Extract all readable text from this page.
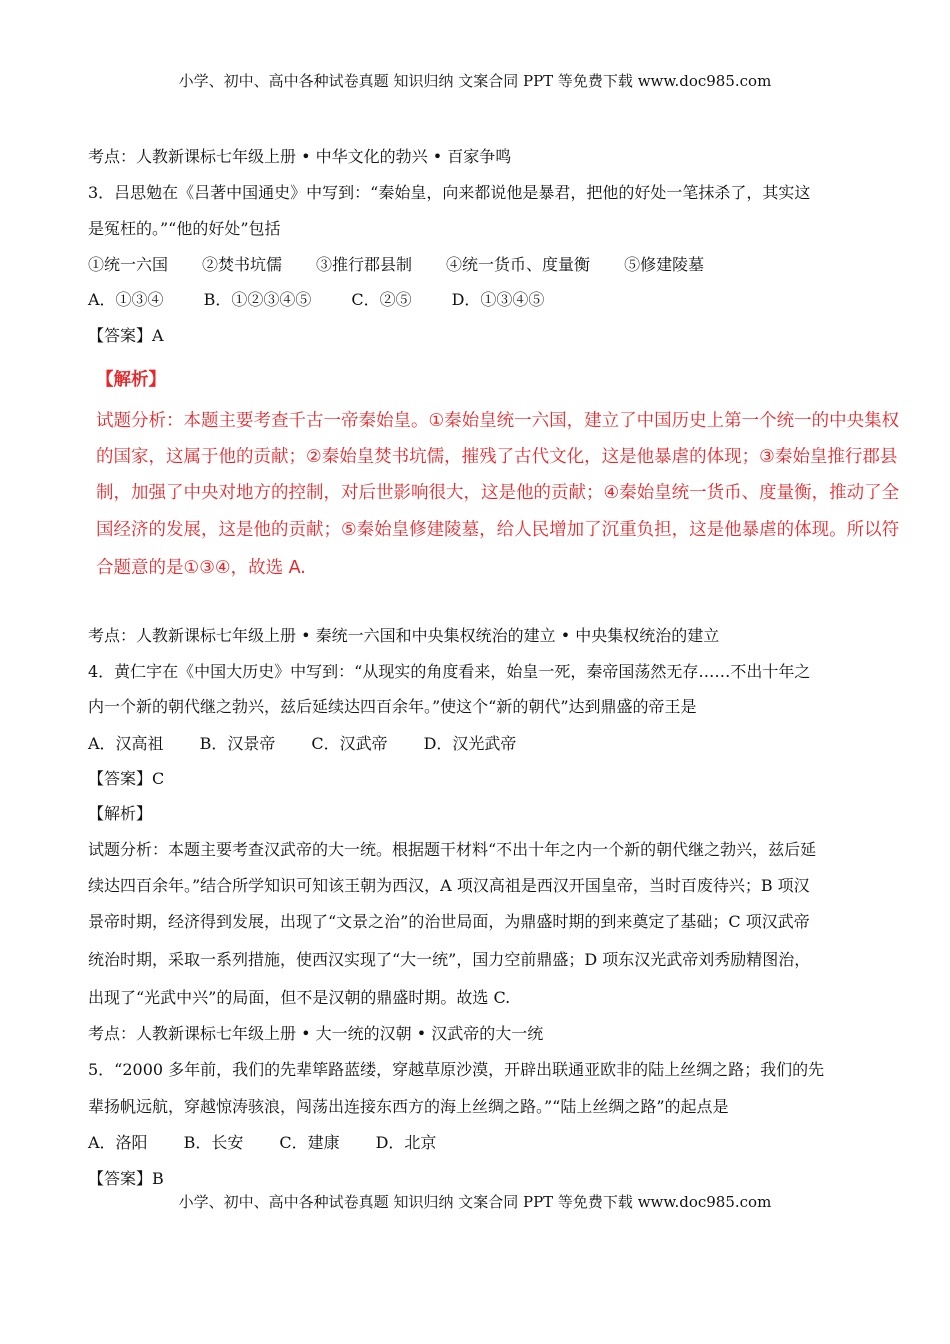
小学、初中、高中各种试卷真题 知识归纳 文案合同 PPT 等免费下载 www.doc985.com
考点：人教新课标七年级上册 • 中华文化的勃兴 • 百家争鸣
3．吕思勉在《吕著中国通史》中写到：“秦始皇，向来都说他是暴君，把他的好处一笔抹杀了，其实这
是冤枉的。”“他的好处”包括
①统一六国 ②焚书坑儒 ③推行郡县制 ④统一货币、度量衡 ⑤修建陵墓
A．①③④	B．①②③④⑤	C．②⑤	D．①③④⑤
【答案】A
【解析】
试题分析：本题主要考查千古一帝秦始皇。①秦始皇统一六国，建立了中国历史上第一个统一的中央集权
的国家，这属于他的贡献；②秦始皇焚书坑儒，摧残了古代文化，这是他暴虐的体现；③秦始皇推行郡县
制，加强了中央对地方的控制，对后世影响很大，这是他的贡献；④秦始皇统一货币、度量衡，推动了全
国经济的发展，这是他的贡献；⑤秦始皇修建陵墓，给人民增加了沉重负担，这是他暴虐的体现。所以符
合题意的是①③④，故选 A.
考点：人教新课标七年级上册 • 秦统一六国和中央集权统治的建立 • 中央集权统治的建立
4．黄仁宇在《中国大历史》中写到：“从现实的角度看来，始皇一死，秦帝国荡然无存……不出十年之
内一个新的朝代继之勃兴，兹后延续达四百余年。”使这个“新的朝代”达到鼎盛的帝王是
A．汉高祖 B．汉景帝 C．汉武帝 D．汉光武帝
【答案】C
【解析】
试题分析：本题主要考查汉武帝的大一统。根据题干材料“不出十年之内一个新的朝代继之勃兴，兹后延
续达四百余年。”结合所学知识可知该王朝为西汉，A 项汉高祖是西汉开国皇帝，当时百废待兴；B 项汉
景帝时期，经济得到发展，出现了“文景之治”的治世局面，为鼎盛时期的到来奠定了基础；C 项汉武帝
统治时期，采取一系列措施，使西汉实现了“大一统”，国力空前鼎盛；D 项东汉光武帝刘秀励精图治，
出现了“光武中兴”的局面，但不是汉朝的鼎盛时期。故选 C.
考点：人教新课标七年级上册 • 大一统的汉朝 • 汉武帝的大一统
5．“2000 多年前，我们的先辈筚路蓝缕，穿越草原沙漠，开辟出联通亚欧非的陆上丝绸之路；我们的先
辈扬帆远航，穿越惊涛骇浪，闯荡出连接东西方的海上丝绸之路。”“陆上丝绸之路”的起点是
A．洛阳 B．长安 C．建康 D．北京
【答案】B
小学、初中、高中各种试卷真题 知识归纳 文案合同 PPT 等免费下载 www.doc985.com
